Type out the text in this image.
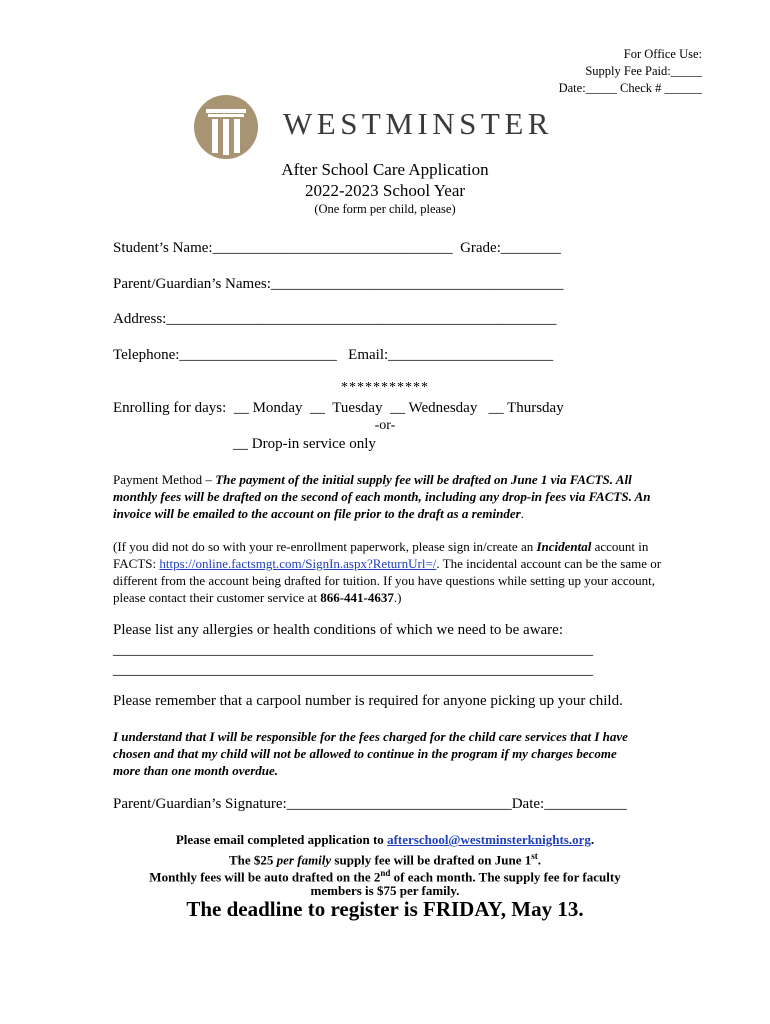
For Office Use:
Supply Fee Paid:_____
Date:_____ Check # ______
WESTMINSTER
After School Care Application
2022-2023 School Year
(One form per child, please)
Student’s Name:________________________________  Grade:________
Parent/Guardian’s Names:_______________________________________
Address:____________________________________________________
Telephone:_____________________   Email:______________________
***********
Enrolling for days:  __ Monday  __  Tuesday  __ Wednesday   __ Thursday
-or-
__ Drop-in service only
Payment Method – The payment of the initial supply fee will be drafted on June 1 via FACTS. All monthly fees will be drafted on the second of each month, including any drop-in fees via FACTS. An invoice will be emailed to the account on file prior to the draft as a reminder.
(If you did not do so with your re-enrollment paperwork, please sign in/create an Incidental account in FACTS: https://online.factsmgt.com/SignIn.aspx?ReturnUrl=/. The incidental account can be the same or different from the account being drafted for tuition. If you have questions while setting up your account, please contact their customer service at 866-441-4637.)
Please list any allergies or health conditions of which we need to be aware:
________________________________________________________________
________________________________________________________________
Please remember that a carpool number is required for anyone picking up your child.
I understand that I will be responsible for the fees charged for the child care services that I have chosen and that my child will not be allowed to continue in the program if my charges become more than one month overdue.
Parent/Guardian’s Signature:______________________________Date:___________
Please email completed application to afterschool@westminsterknights.org.
The $25 per family supply fee will be drafted on June 1st.
Monthly fees will be auto drafted on the 2nd of each month. The supply fee for faculty
members is $75 per family.
The deadline to register is FRIDAY, May 13.
